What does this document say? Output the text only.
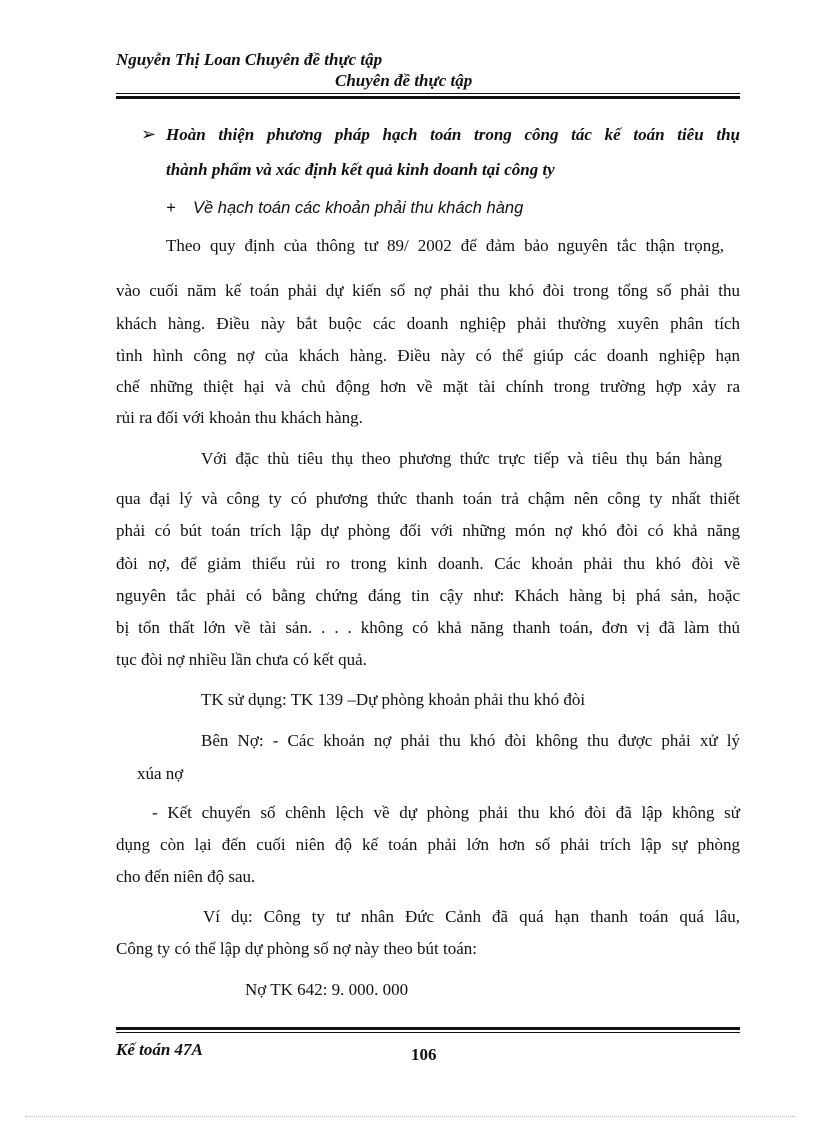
Nguyễn Thị Loan Chuyên đề thực tập
Chuyên đề thực tập
➢ Hoàn thiện phương pháp hạch toán trong công tác kế toán tiêu thụ
thành phẩm và xác định kết quả kinh doanh tại công ty
+ Về hạch toán các khoản phải thu khách hàng
Theo quy định của thông tư 89/ 2002 để đảm bảo nguyên tắc thận trọng,
vào cuối năm kế toán phải dự kiến số nợ phải thu khó đòi trong tổng số phải thu
khách hàng. Điều này bắt buộc các doanh nghiệp phải thường xuyên phân tích
tình hình công nợ của khách hàng. Điều này có thể giúp các doanh nghiệp hạn
chế những thiệt hại và chủ động hơn về mặt tài chính trong trường hợp xảy ra
rủi ra đối với khoản thu khách hàng.
Với đặc thù tiêu thụ theo phương thức trực tiếp và tiêu thụ bán hàng
qua đại lý và công ty có phương thức thanh toán trả chậm nên công ty nhất thiết
phải có bút toán trích lập dự phòng đối với những món nợ khó đòi có khả năng
đòi nợ, để giảm thiểu rủi ro trong kinh doanh. Các khoản phải thu khó đòi về
nguyên tắc phải có bằng chứng đáng tin cậy như: Khách hàng bị phá sản, hoặc
bị tổn thất lớn về tài sản. . . . không có khả năng thanh toán, đơn vị đã làm thủ
tục đòi nợ nhiều lần chưa có kết quả.
TK sử dụng: TK 139 –Dự phòng khoản phải thu khó đòi
Bên Nợ: - Các khoản nợ phải thu khó đòi không thu được phải xử lý
xúa nợ
- Kết chuyển số chênh lệch về dự phòng phải thu khó đòi đã lập không sử
dụng còn lại đến cuối niên độ kế toán phải lớn hơn số phải trích lập sự phòng
cho đến niên độ sau.
Ví dụ: Công ty tư nhân Đức Cảnh đã quá hạn thanh toán quá lâu,
Công ty có thể lập dự phòng số nợ này theo bút toán:
Nợ TK 642: 9. 000. 000
Kế toán 47A	106
